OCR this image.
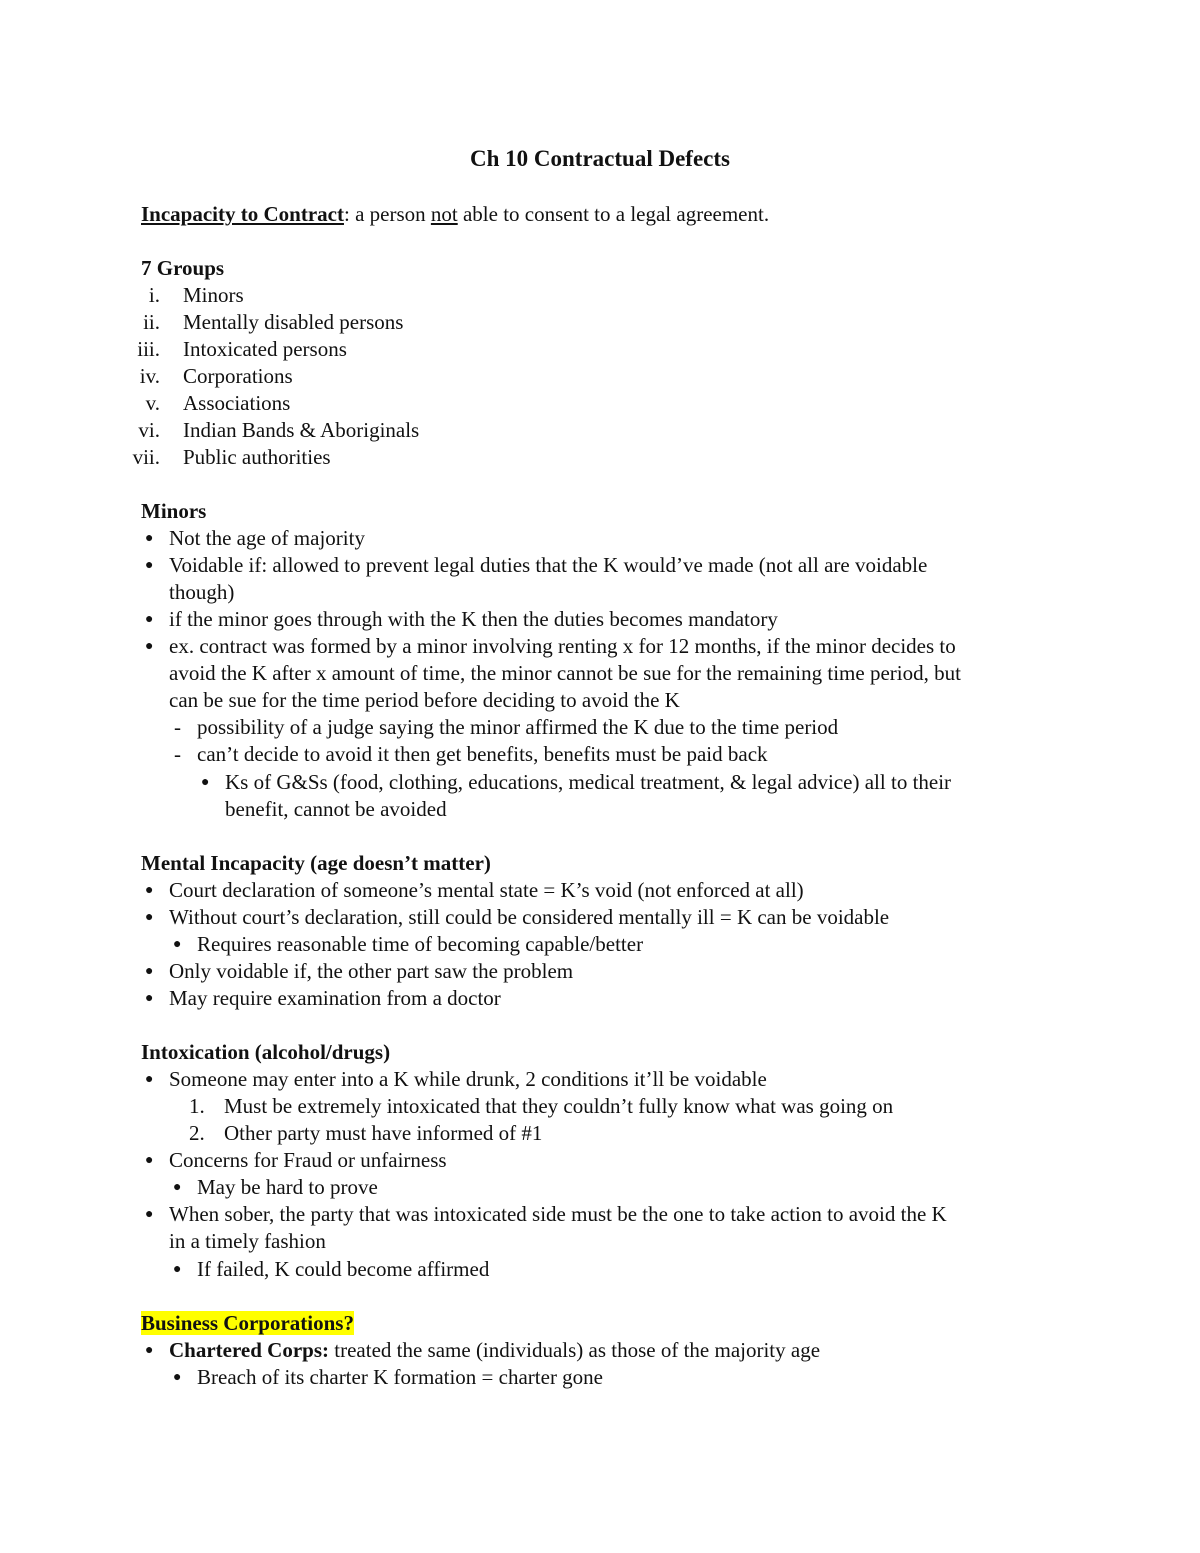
Ch 10 Contractual Defects
Incapacity to Contract: a person not able to consent to a legal agreement.
7 Groups
i. Minors
ii. Mentally disabled persons
iii. Intoxicated persons
iv. Corporations
v. Associations
vi. Indian Bands & Aboriginals
vii. Public authorities
Minors
● Not the age of majority
● Voidable if: allowed to prevent legal duties that the K would’ve made (not all are voidable
though)
● if the minor goes through with the K then the duties becomes mandatory
● ex. contract was formed by a minor involving renting x for 12 months, if the minor decides to
avoid the K after x amount of time, the minor cannot be sue for the remaining time period, but
can be sue for the time period before deciding to avoid the K
- possibility of a judge saying the minor affirmed the K due to the time period
- can’t decide to avoid it then get benefits, benefits must be paid back
● Ks of G&Ss (food, clothing, educations, medical treatment, & legal advice) all to their
benefit, cannot be avoided
Mental Incapacity (age doesn’t matter)
● Court declaration of someone’s mental state = K’s void (not enforced at all)
● Without court’s declaration, still could be considered mentally ill = K can be voidable
● Requires reasonable time of becoming capable/better
● Only voidable if, the other part saw the problem
● May require examination from a doctor
Intoxication (alcohol/drugs)
● Someone may enter into a K while drunk, 2 conditions it’ll be voidable
1. Must be extremely intoxicated that they couldn’t fully know what was going on
2. Other party must have informed of #1
● Concerns for Fraud or unfairness
● May be hard to prove
● When sober, the party that was intoxicated side must be the one to take action to avoid the K
in a timely fashion
● If failed, K could become affirmed
Business Corporations?
● Chartered Corps: treated the same (individuals) as those of the majority age
● Breach of its charter K formation = charter gone
